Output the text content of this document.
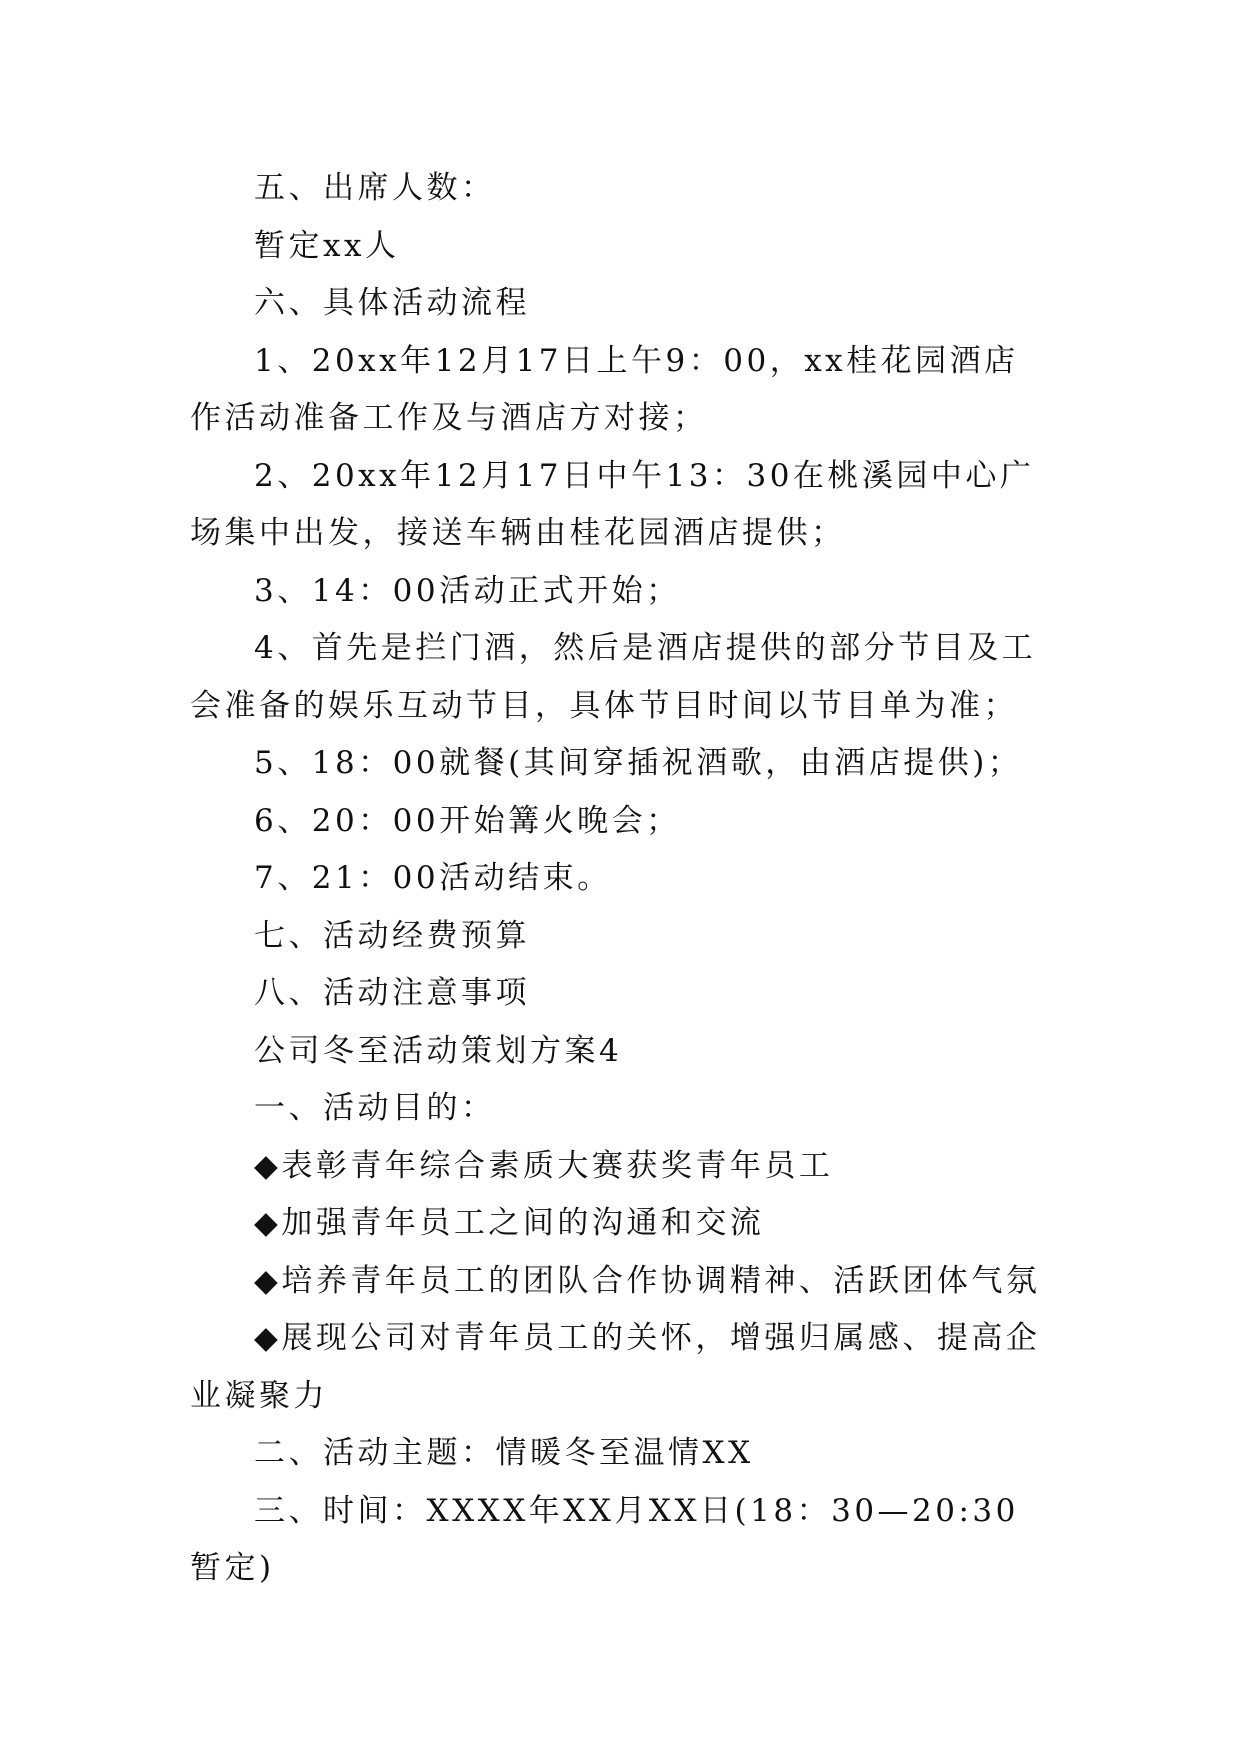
五、出席人数：

暂定xx人

六、具体活动流程

1、20xx年12月17日上午9：00，xx桂花园酒店作活动准备工作及与酒店方对接；

2、20xx年12月17日中午13：30在桃溪园中心广场集中出发，接送车辆由桂花园酒店提供；

3、14：00活动正式开始；

4、首先是拦门酒，然后是酒店提供的部分节目及工会准备的娱乐互动节目，具体节目时间以节目单为准；

5、18：00就餐(其间穿插祝酒歌，由酒店提供)；

6、20：00开始篝火晚会；

7、21：00活动结束。

七、活动经费预算

八、活动注意事项

公司冬至活动策划方案4

一、活动目的：

◆表彰青年综合素质大赛获奖青年员工

◆加强青年员工之间的沟通和交流

◆培养青年员工的团队合作协调精神、活跃团体气氛

◆展现公司对青年员工的关怀，增强归属感、提高企业凝聚力

二、活动主题：情暖冬至温情XX

三、时间：XXXX年XX月XX日(18：30—20:30暂定)
